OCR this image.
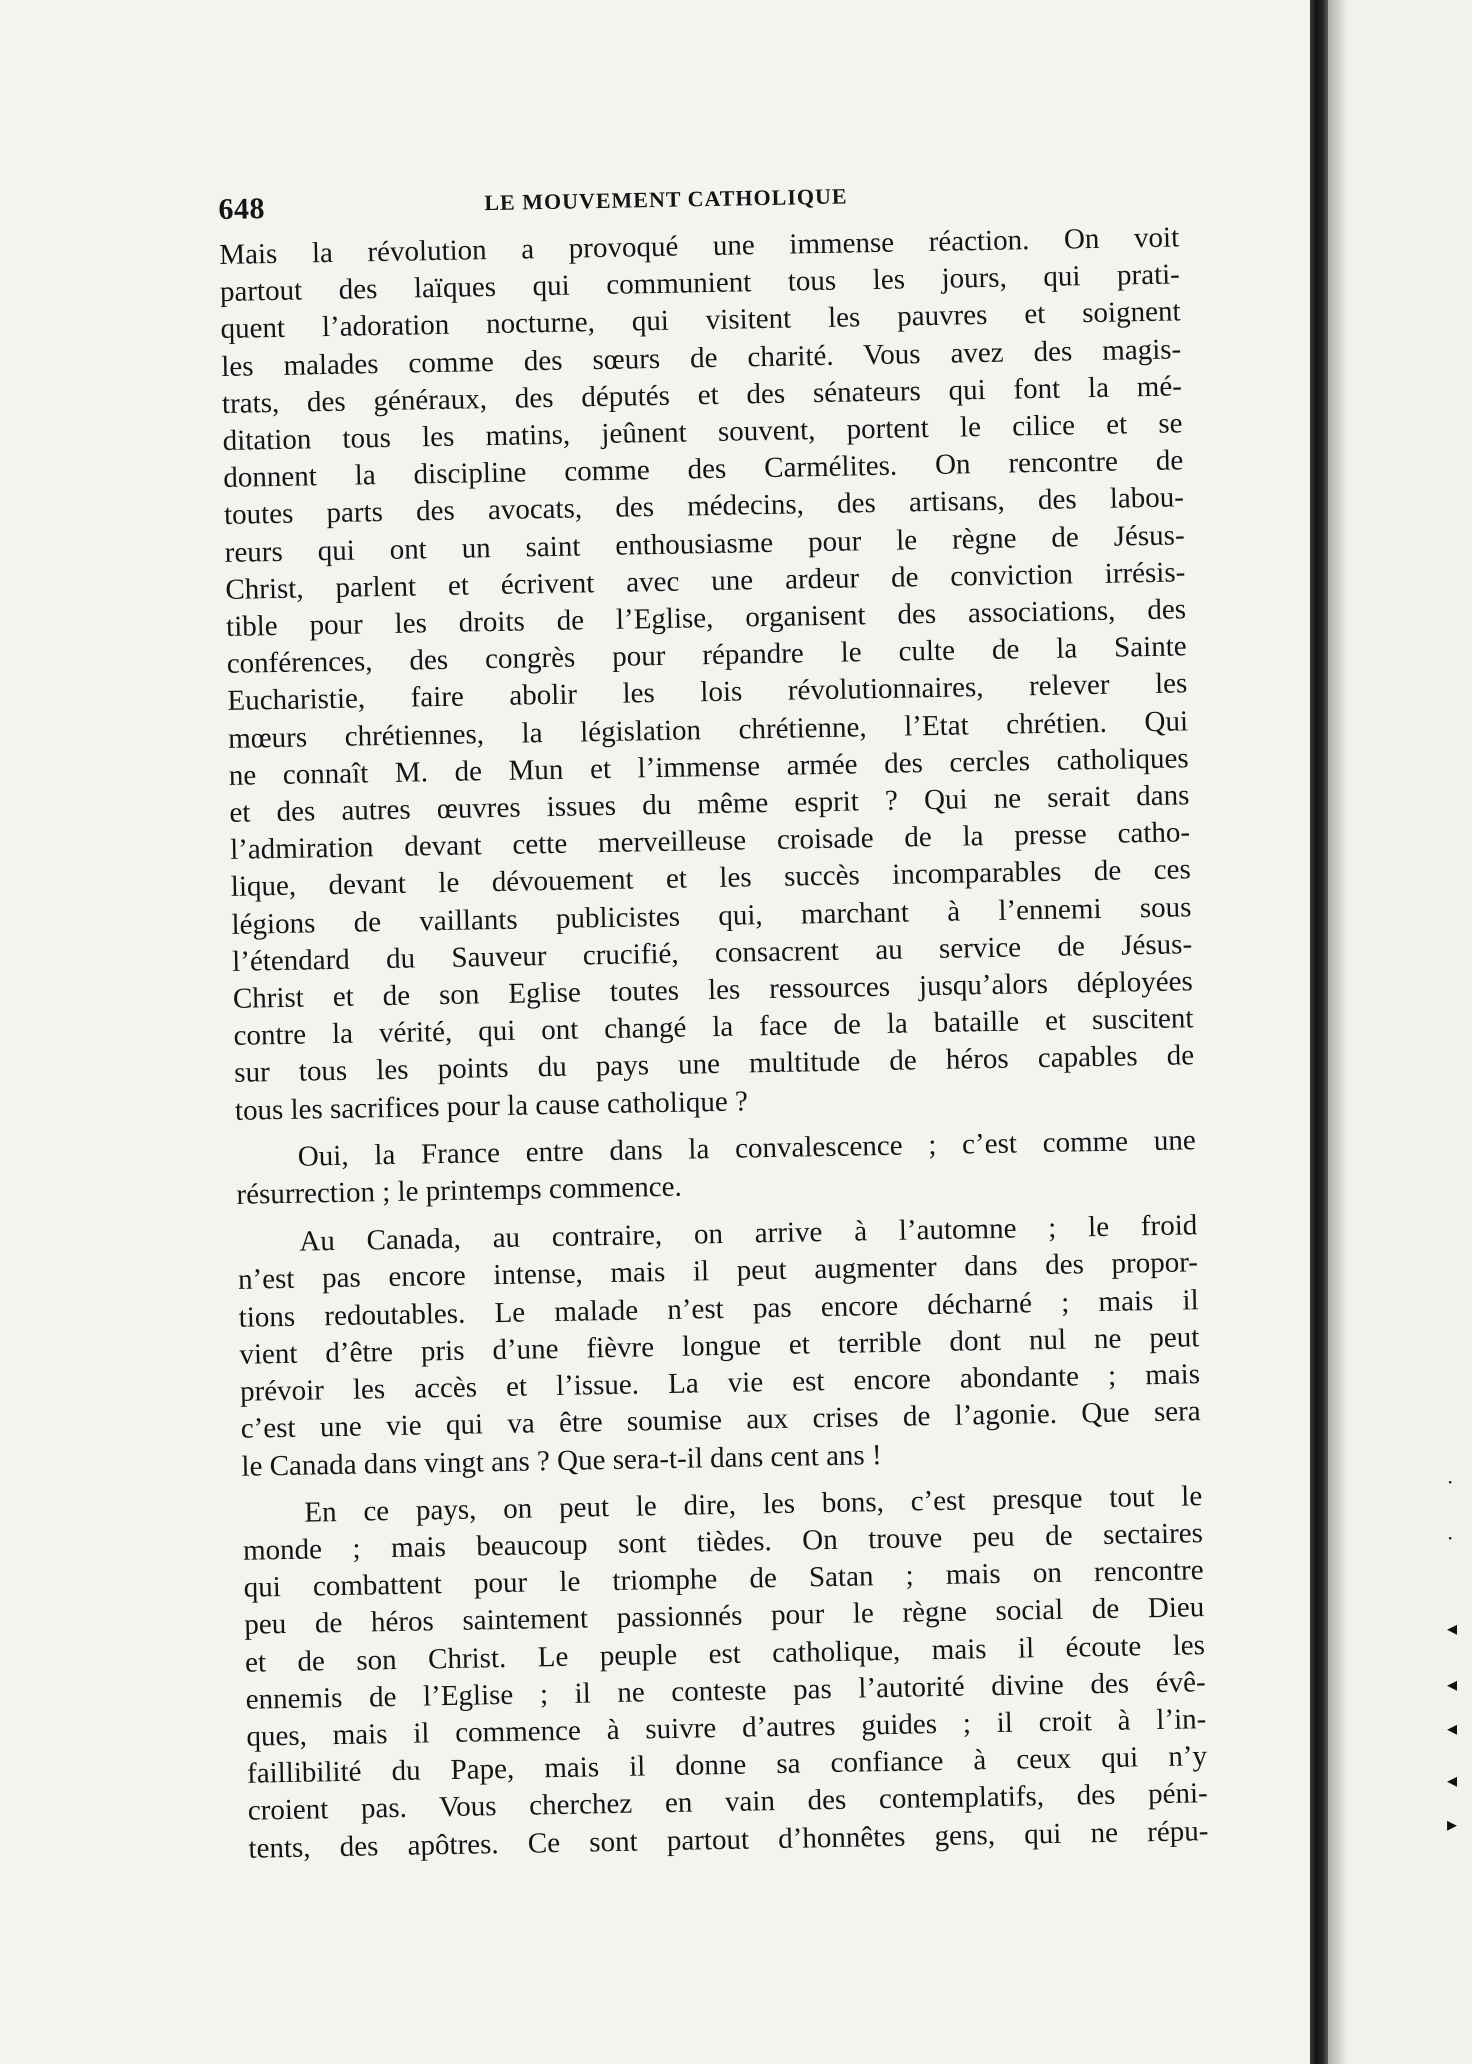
648	LE MOUVEMENT CATHOLIQUE

Mais la révolution a provoqué une immense réaction. On voit
partout des laïques qui communient tous les jours, qui prati-
quent l’adoration nocturne, qui visitent les pauvres et soignent
les malades comme des sœurs de charité. Vous avez des magis-
trats, des généraux, des députés et des sénateurs qui font la mé-
ditation tous les matins, jeûnent souvent, portent le cilice et se
donnent la discipline comme des Carmélites. On rencontre de
toutes parts des avocats, des médecins, des artisans, des labou-
reurs qui ont un saint enthousiasme pour le règne de Jésus-
Christ, parlent et écrivent avec une ardeur de conviction irrésis-
tible pour les droits de l’Eglise, organisent des associations, des
conférences, des congrès pour répandre le culte de la Sainte
Eucharistie, faire abolir les lois révolutionnaires, relever les
mœurs chrétiennes, la législation chrétienne, l’Etat chrétien. Qui
ne connaît M. de Mun et l’immense armée des cercles catholiques
et des autres œuvres issues du même esprit ? Qui ne serait dans
l’admiration devant cette merveilleuse croisade de la presse catho-
lique, devant le dévouement et les succès incomparables de ces
légions de vaillants publicistes qui, marchant à l’ennemi sous
l’étendard du Sauveur crucifié, consacrent au service de Jésus-
Christ et de son Eglise toutes les ressources jusqu’alors déployées
contre la vérité, qui ont changé la face de la bataille et suscitent
sur tous les points du pays une multitude de héros capables de
tous les sacrifices pour la cause catholique ?

Oui, la France entre dans la convalescence ; c’est comme une
résurrection ; le printemps commence.

Au Canada, au contraire, on arrive à l’automne ; le froid
n’est pas encore intense, mais il peut augmenter dans des propor-
tions redoutables. Le malade n’est pas encore décharné ; mais il
vient d’être pris d’une fièvre longue et terrible dont nul ne peut
prévoir les accès et l’issue. La vie est encore abondante ; mais
c’est une vie qui va être soumise aux crises de l’agonie. Que sera
le Canada dans vingt ans ? Que sera-t-il dans cent ans !

En ce pays, on peut le dire, les bons, c’est presque tout le
monde ; mais beaucoup sont tièdes. On trouve peu de sectaires
qui combattent pour le triomphe de Satan ; mais on rencontre
peu de héros saintement passionnés pour le règne social de Dieu
et de son Christ. Le peuple est catholique, mais il écoute les
ennemis de l’Eglise ; il ne conteste pas l’autorité divine des évê-
ques, mais il commence à suivre d’autres guides ; il croit à l’in-
faillibilité du Pape, mais il donne sa confiance à ceux qui n’y
croient pas. Vous cherchez en vain des contemplatifs, des péni-
tents, des apôtres. Ce sont partout d’honnêtes gens, qui ne répu-

·
·
◂
◂
◂
◂
▸
